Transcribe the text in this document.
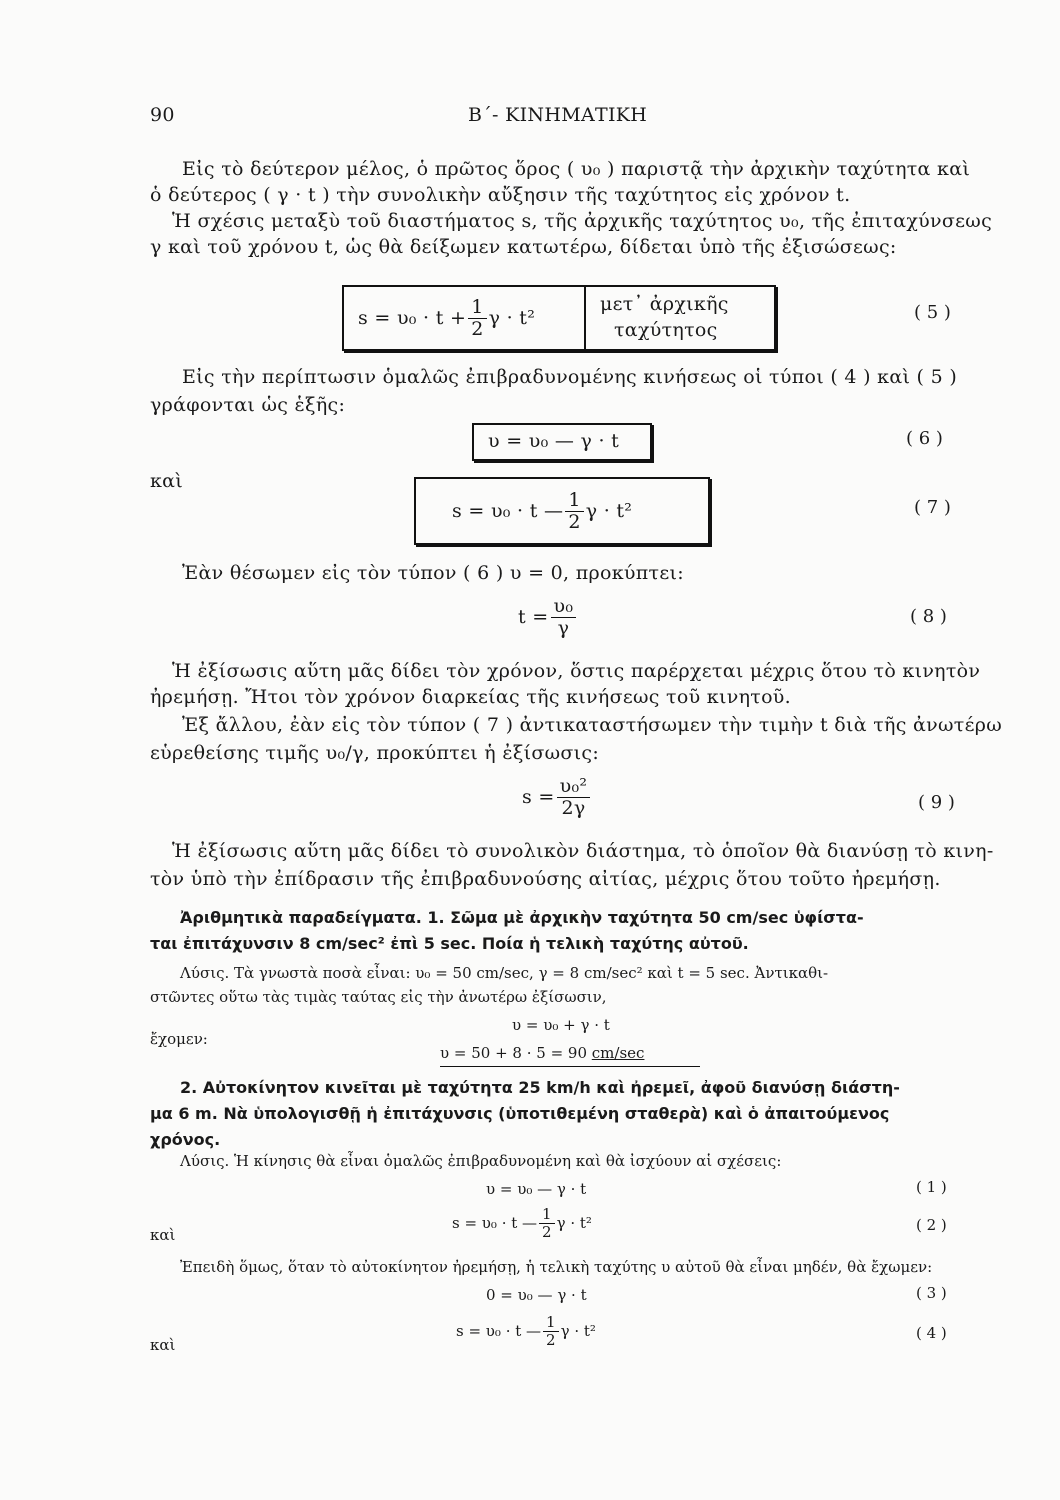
90	Β΄- ΚΙΝΗΜΑΤΙΚΗ
Εἰς τὸ δεύτερον μέλος, ὁ πρῶτος ὅρος ( υ₀ ) παριστᾷ τὴν ἀρχικὴν ταχύτητα καὶ
ὁ δεύτερος ( γ · t ) τὴν συνολικὴν αὔξησιν τῆς ταχύτητος εἰς χρόνον t.
Ἡ σχέσις μεταξὺ τοῦ διαστήματος s, τῆς ἀρχικῆς ταχύτητος υ₀, τῆς ἐπιταχύνσεως
γ καὶ τοῦ χρόνου t, ὡς θὰ δείξωμεν κατωτέρω, δίδεται ὑπὸ τῆς ἐξισώσεως:
$s = \upsilon_0 \cdot t + \frac{1}{2}$ γ · t²
μετ᾽ ἀρχικῆς
ταχύτητος
( 5 )
Εἰς τὴν περίπτωσιν ὁμαλῶς ἐπιβραδυνομένης κινήσεως οἱ τύποι ( 4 ) καὶ ( 5 )
γράφονται ὡς ἑξῆς:
υ = υ₀ — γ · t	( 6 )
καὶ
s = υ₀ · t — $\frac{1}{2}$ γ · t²	( 7 )
Ἐὰν θέσωμεν εἰς τὸν τύπον ( 6 ) υ = 0, προκύπτει:
$t = \frac{\text{υ₀}}{\gamma}$	( 8 )
Ἡ ἐξίσωσις αὕτη μᾶς δίδει τὸν χρόνον, ὅστις παρέρχεται μέχρις ὅτου τὸ κινητὸν
ἠρεμήσῃ. Ἤτοι τὸν χρόνον διαρκείας τῆς κινήσεως τοῦ κινητοῦ.
Ἐξ ἄλλου, ἐὰν εἰς τὸν τύπον ( 7 ) ἀντικαταστήσωμεν τὴν τιμὴν t διὰ τῆς ἀνωτέρω
εὑρεθείσης τιμῆς υ₀/γ, προκύπτει ἡ ἐξίσωσις:
$s = \frac{\text{υ₀²}}{2\gamma}$	( 9 )
Ἡ ἐξίσωσις αὕτη μᾶς δίδει τὸ συνολικὸν διάστημα, τὸ ὁποῖον θὰ διανύσῃ τὸ κινη-
τὸν ὑπὸ τὴν ἐπίδρασιν τῆς ἐπιβραδυνούσης αἰτίας, μέχρις ὅτου τοῦτο ἠρεμήσῃ.
Ἀριθμητικὰ παραδείγματα. 1. Σῶμα μὲ ἀρχικὴν ταχύτητα 50 cm/sec ὑφίστα-
ται ἐπιτάχυνσιν 8 cm/sec² ἐπὶ 5 sec. Ποία ἡ τελικὴ ταχύτης αὐτοῦ.
Λύσις. Τὰ γνωστὰ ποσὰ εἶναι: υ₀ = 50 cm/sec, γ = 8 cm/sec² καὶ t = 5 sec. Ἀντικαθι-
στῶντες οὕτω τὰς τιμὰς ταύτας εἰς τὴν ἀνωτέρω ἐξίσωσιν,
υ = υ₀ + γ · t
ἔχομεν:
υ = 50 + 8 · 5 = 90 cm/sec
2. Αὐτοκίνητον κινεῖται μὲ ταχύτητα 25 km/h καὶ ἠρεμεῖ, ἀφοῦ διανύσῃ διάστη-
μα 6 m. Νὰ ὑπολογισθῇ ἡ ἐπιτάχυνσις (ὑποτιθεμένη σταθερὰ) καὶ ὁ ἀπαιτούμενος
χρόνος.
Λύσις. Ἡ κίνησις θὰ εἶναι ὁμαλῶς ἐπιβραδυνομένη καὶ θὰ ἰσχύουν αἱ σχέσεις:
υ = υ₀ — γ · t	( 1 )
καὶ
s = υ₀ · t — $\frac{1}{2}$ γ · t²	( 2 )
Ἐπειδὴ ὅμως, ὅταν τὸ αὐτοκίνητον ἠρεμήσῃ, ἡ τελικὴ ταχύτης υ αὐτοῦ θὰ εἶναι μηδέν, θὰ ἔχωμεν:
0 = υ₀ — γ · t	( 3 )
καὶ
s = υ₀ · t — $\frac{1}{2}$ γ · t²	( 4 )
